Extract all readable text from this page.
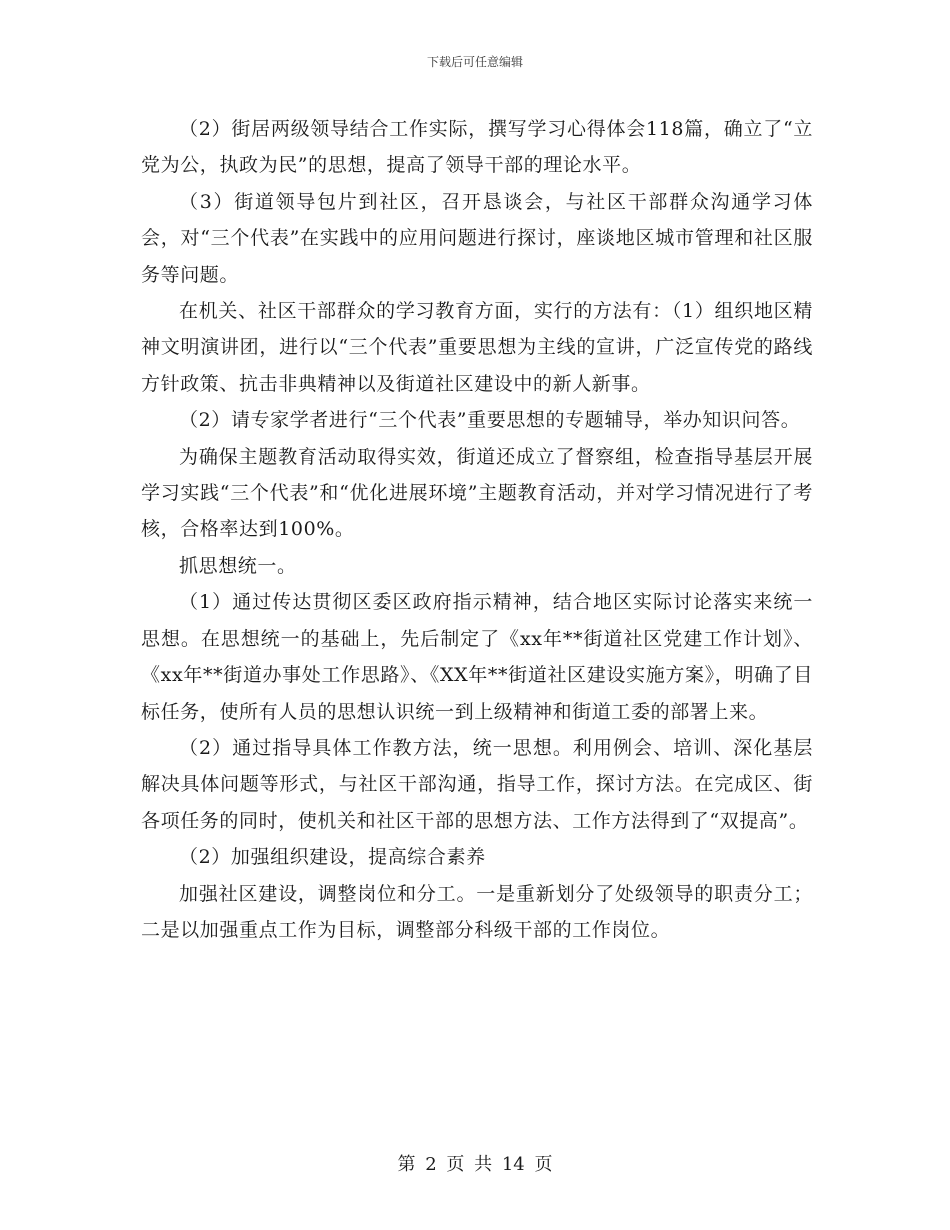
下载后可任意编辑

（2）街居两级领导结合工作实际，撰写学习心得体会118篇，确立了“立党为公，执政为民”的思想，提高了领导干部的理论水平。

（3）街道领导包片到社区，召开恳谈会，与社区干部群众沟通学习体会，对“三个代表”在实践中的应用问题进行探讨，座谈地区城市管理和社区服务等问题。

在机关、社区干部群众的学习教育方面，实行的方法有：（1）组织地区精神文明演讲团，进行以“三个代表”重要思想为主线的宣讲，广泛宣传党的路线方针政策、抗击非典精神以及街道社区建设中的新人新事。

（2）请专家学者进行“三个代表”重要思想的专题辅导，举办知识问答。

为确保主题教育活动取得实效，街道还成立了督察组，检查指导基层开展学习实践“三个代表”和“优化进展环境”主题教育活动，并对学习情况进行了考核，合格率达到100%。

抓思想统一。

（1）通过传达贯彻区委区政府指示精神，结合地区实际讨论落实来统一思想。在思想统一的基础上，先后制定了《xx年**街道社区党建工作计划》、《xx年**街道办事处工作思路》、《XX年**街道社区建设实施方案》，明确了目标任务，使所有人员的思想认识统一到上级精神和街道工委的部署上来。

（2）通过指导具体工作教方法，统一思想。利用例会、培训、深化基层解决具体问题等形式，与社区干部沟通，指导工作，探讨方法。在完成区、街各项任务的同时，使机关和社区干部的思想方法、工作方法得到了“双提高”。

（2）加强组织建设，提高综合素养

加强社区建设，调整岗位和分工。一是重新划分了处级领导的职责分工；二是以加强重点工作为目标，调整部分科级干部的工作岗位。

第 2 页 共 14 页
